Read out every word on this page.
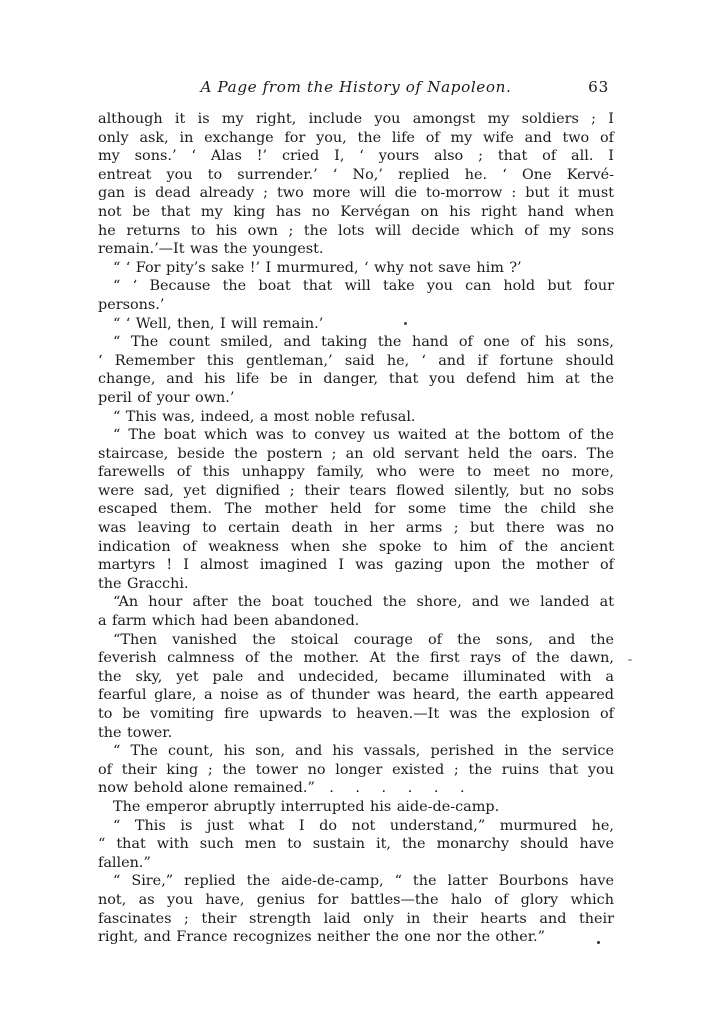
A Page from the History of Napoleon.	63
although it is my right, include you amongst my soldiers ; I
only ask, in exchange for you, the life of my wife and two of
my sons.’ ‘ Alas !’ cried I, ‘ yours also ; that of all. I
entreat you to surrender.’ ‘ No,’ replied he. ‘ One Kervé-
gan is dead already ; two more will die to-morrow : but it must
not be that my king has no Kervégan on his right hand when
he returns to his own ; the lots will decide which of my sons
remain.’—It was the youngest.
“ ‘ For pity’s sake !’ I murmured, ‘ why not save him ?’
“ ‘ Because the boat that will take you can hold but four
persons.’
“ ‘ Well, then, I will remain.’
“ The count smiled, and taking the hand of one of his sons,
‘ Remember this gentleman,’ said he, ‘ and if fortune should
change, and his life be in danger, that you defend him at the
peril of your own.’
“ This was, indeed, a most noble refusal.
“ The boat which was to convey us waited at the bottom of the
staircase, beside the postern ; an old servant held the oars. The
farewells of this unhappy family, who were to meet no more,
were sad, yet dignified ; their tears flowed silently, but no sobs
escaped them. The mother held for some time the child she
was leaving to certain death in her arms ; but there was no
indication of weakness when she spoke to him of the ancient
martyrs ! I almost imagined I was gazing upon the mother of
the Gracchi.
“An hour after the boat touched the shore, and we landed at
a farm which had been abandoned.
“Then vanished the stoical courage of the sons, and the
feverish calmness of the mother. At the first rays of the dawn,
the sky, yet pale and undecided, became illuminated with a
fearful glare, a noise as of thunder was heard, the earth appeared
to be vomiting fire upwards to heaven.—It was the explosion of
the tower.
“ The count, his son, and his vassals, perished in the service
of their king ; the tower no longer existed ; the ruins that you
now behold alone remained.” .  .  .  .  .  .
The emperor abruptly interrupted his aide-de-camp.
“ This is just what I do not understand,” murmured he,
“ that with such men to sustain it, the monarchy should have
fallen.”
“ Sire,” replied the aide-de-camp, “ the latter Bourbons have
not, as you have, genius for battles—the halo of glory which
fascinates ; their strength laid only in their hearts and their
right, and France recognizes neither the one nor the other.”
